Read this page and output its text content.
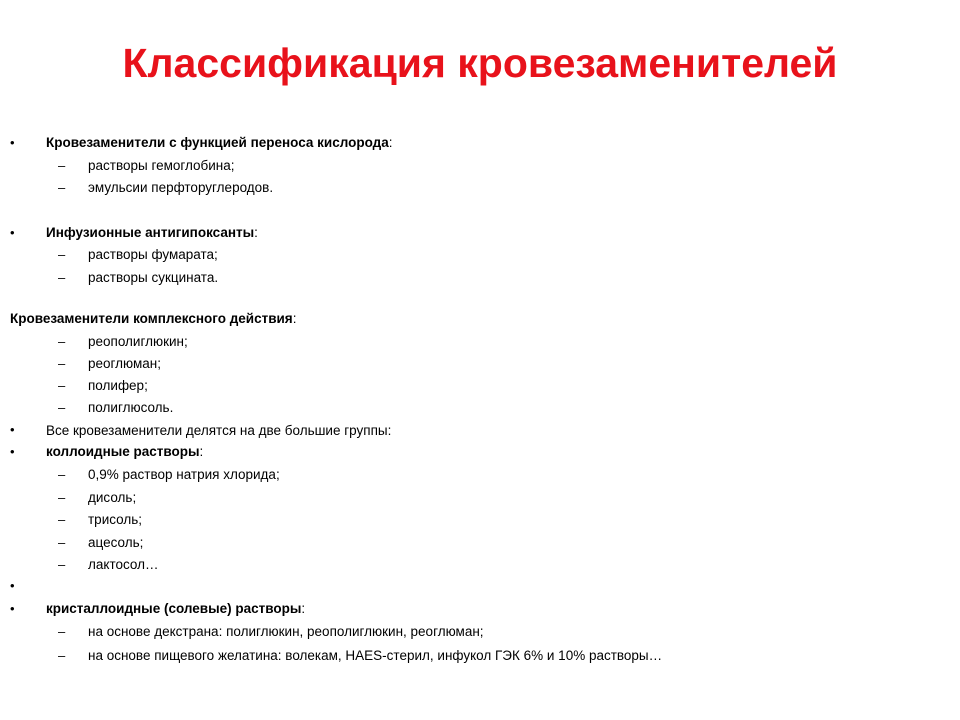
Классификация кровезаменителей
• Кровезаменители с функцией переноса кислорода:
– растворы гемоглобина;
– эмульсии перфторуглеродов.
• Инфузионные антигипоксанты:
– растворы фумарата;
– растворы сукцината.
Кровезаменители комплексного действия:
– реополиглюкин;
– реоглюман;
– полифер;
– полиглюсоль.
• Все кровезаменители делятся на две большие группы:
• коллоидные растворы:
– 0,9% раствор натрия хлорида;
– дисоль;
– трисоль;
– ацесоль;
– лактосол…
•
• кристаллоидные (солевые) растворы:
– на основе декстрана: полиглюкин, реополиглюкин, реоглюман;
– на основе пищевого желатина: волекам, HAES-стерил, инфукол ГЭК 6% и 10% растворы…
